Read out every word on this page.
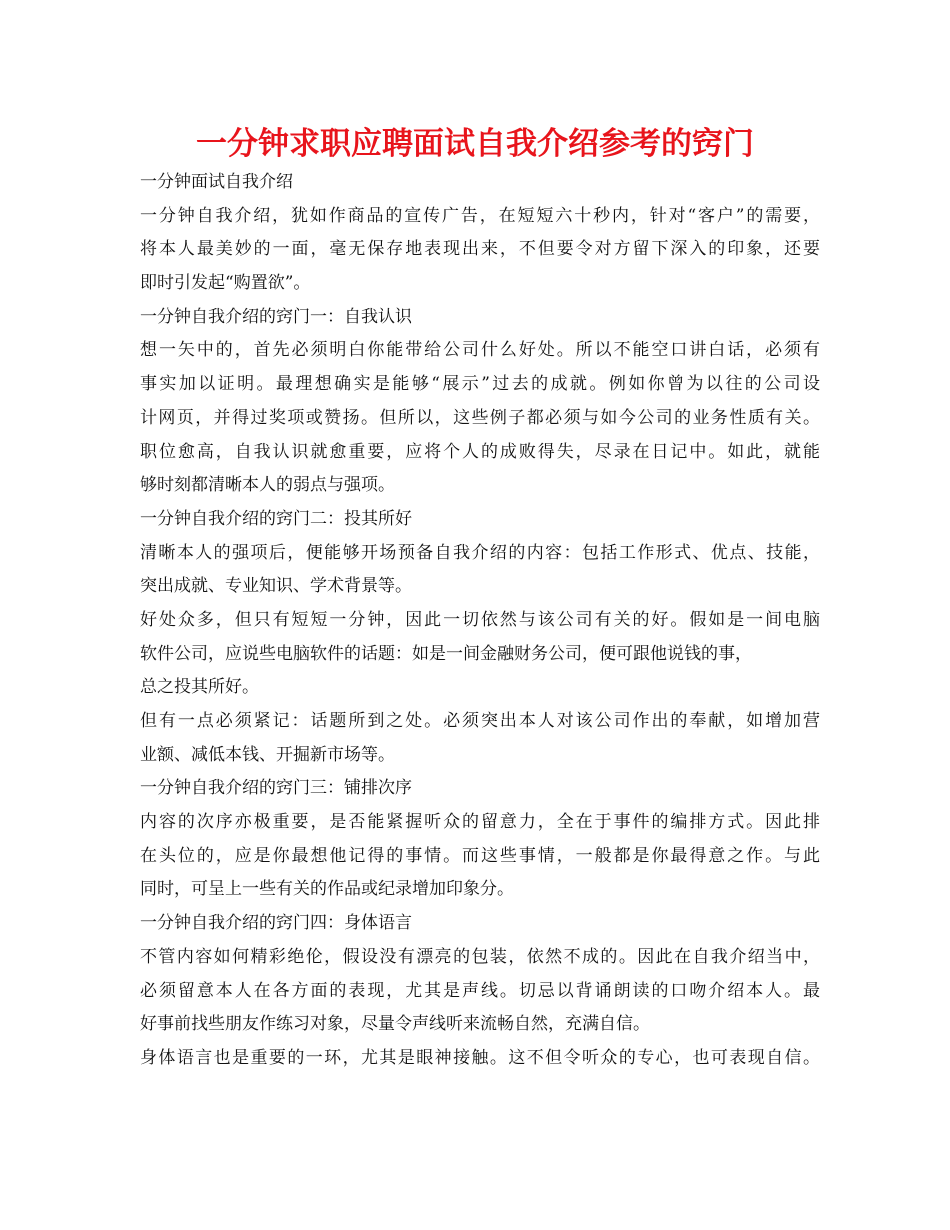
一分钟求职应聘面试自我介绍参考的窍门
一分钟面试自我介绍
一分钟自我介绍，犹如作商品的宣传广告，在短短六十秒内，针对“客户”的需要，
将本人最美妙的一面，毫无保存地表现出来，不但要令对方留下深入的印象，还要
即时引发起“购置欲”。
一分钟自我介绍的窍门一：自我认识
想一矢中的，首先必须明白你能带给公司什么好处。所以不能空口讲白话，必须有
事实加以证明。最理想确实是能够“展示”过去的成就。例如你曾为以往的公司设
计网页，并得过奖项或赞扬。但所以，这些例子都必须与如今公司的业务性质有关。
职位愈高，自我认识就愈重要，应将个人的成败得失，尽录在日记中。如此，就能
够时刻都清晰本人的弱点与强项。
一分钟自我介绍的窍门二：投其所好
清晰本人的强项后，便能够开场预备自我介绍的内容：包括工作形式、优点、技能，
突出成就、专业知识、学术背景等。
好处众多，但只有短短一分钟，因此一切依然与该公司有关的好。假如是一间电脑
软件公司，应说些电脑软件的话题：如是一间金融财务公司，便可跟他说钱的事，
总之投其所好。
但有一点必须紧记：话题所到之处。必须突出本人对该公司作出的奉献，如增加营
业额、减低本钱、开掘新市场等。
一分钟自我介绍的窍门三：铺排次序
内容的次序亦极重要，是否能紧握听众的留意力，全在于事件的编排方式。因此排
在头位的，应是你最想他记得的事情。而这些事情，一般都是你最得意之作。与此
同时，可呈上一些有关的作品或纪录增加印象分。
一分钟自我介绍的窍门四：身体语言
不管内容如何精彩绝伦，假设没有漂亮的包装，依然不成的。因此在自我介绍当中，
必须留意本人在各方面的表现，尤其是声线。切忌以背诵朗读的口吻介绍本人。最
好事前找些朋友作练习对象，尽量令声线听来流畅自然，充满自信。
身体语言也是重要的一环，尤其是眼神接触。这不但令听众的专心，也可表现自信。
